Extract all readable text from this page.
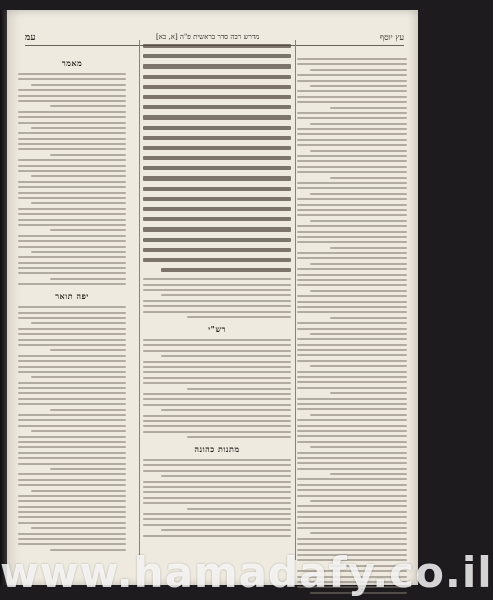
עץ יוסף
מדרש רבה סדר בראשית פ"ה [א, כא]
עמ
רש"י
מתנות כהונה
מאמר
יפה תואר
www.hamadafy.co.il
